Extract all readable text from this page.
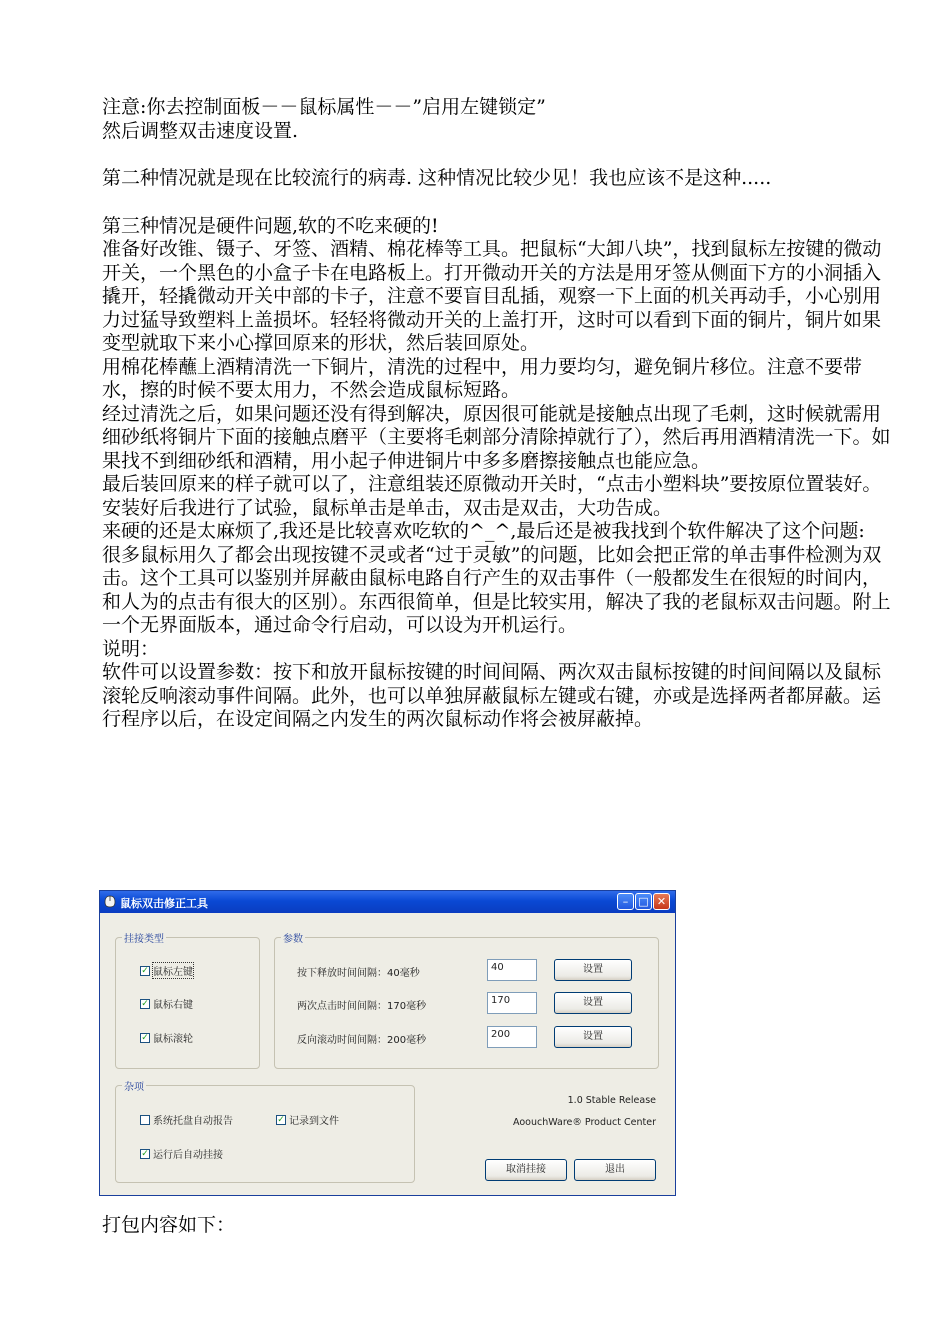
注意:你去控制面板－－鼠标属性－－”启用左键锁定”

然后调整双击速度设置.

第二种情况就是现在比较流行的病毒. 这种情况比较少见！我也应该不是这种.....

第三种情况是硬件问题,软的不吃来硬的!

准备好改锥、镊子、牙签、酒精、棉花棒等工具。把鼠标“大卸八块”，找到鼠标左按键的微动开关，一个黑色的小盒子卡在电路板上。打开微动开关的方法是用牙签从侧面下方的小洞插入撬开，轻撬微动开关中部的卡子，注意不要盲目乱插，观察一下上面的机关再动手，小心别用力过猛导致塑料上盖损坏。轻轻将微动开关的上盖打开，这时可以看到下面的铜片，铜片如果变型就取下来小心撑回原来的形状，然后装回原处。

用棉花棒蘸上酒精清洗一下铜片，清洗的过程中，用力要均匀，避免铜片移位。注意不要带水，擦的时候不要太用力，不然会造成鼠标短路。

经过清洗之后，如果问题还没有得到解决，原因很可能就是接触点出现了毛刺，这时候就需用细砂纸将铜片下面的接触点磨平（主要将毛刺部分清除掉就行了），然后再用酒精清洗一下。如果找不到细砂纸和酒精，用小起子伸进铜片中多多磨擦接触点也能应急。

最后装回原来的样子就可以了，注意组装还原微动开关时，“点击小塑料块”要按原位置装好。安装好后我进行了试验，鼠标单击是单击，双击是双击，大功告成。

来硬的还是太麻烦了,我还是比较喜欢吃软的^_^,最后还是被我找到个软件解决了这个问题:

很多鼠标用久了都会出现按键不灵或者“过于灵敏”的问题，比如会把正常的单击事件检测为双击。这个工具可以鉴别并屏蔽由鼠标电路自行产生的双击事件（一般都发生在很短的时间内，和人为的点击有很大的区别）。东西很简单，但是比较实用，解决了我的老鼠标双击问题。附上一个无界面版本，通过命令行启动，可以设为开机运行。

说明：

软件可以设置参数：按下和放开鼠标按键的时间间隔、两次双击鼠标按键的时间间隔以及鼠标滚轮反响滚动事件间隔。此外，也可以单独屏蔽鼠标左键或右键，亦或是选择两者都屏蔽。运行程序以后，在设定间隔之内发生的两次鼠标动作将会被屏蔽掉。

鼠标双击修正工具	– □ ✕
挂接类型
✓ 鼠标左键
✓ 鼠标右键
✓ 鼠标滚轮
参数
按下释放时间间隔：40毫秒
40	设置
两次点击时间间隔：170毫秒
170	设置
反向滚动时间间隔：200毫秒
200	设置
杂项
系统托盘自动报告	✓ 记录到文件
✓ 运行后自动挂接
1.0 Stable Release
AoouchWare® Product Center
取消挂接	退出
打包内容如下：
